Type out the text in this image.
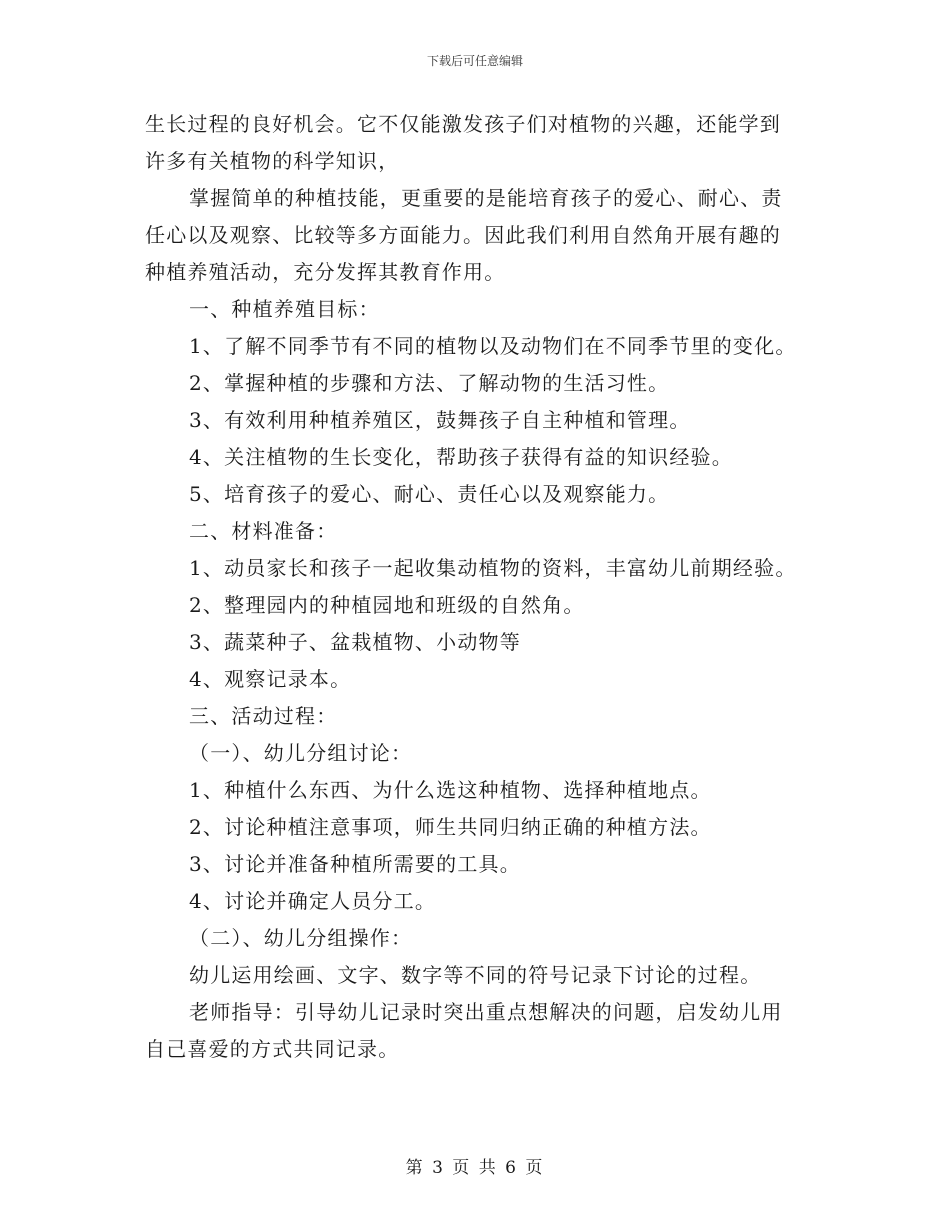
下载后可任意编辑
生长过程的良好机会。它不仅能激发孩子们对植物的兴趣，还能学到
许多有关植物的科学知识，
掌握简单的种植技能，更重要的是能培育孩子的爱心、耐心、责
任心以及观察、比较等多方面能力。因此我们利用自然角开展有趣的
种植养殖活动，充分发挥其教育作用。
一、种植养殖目标：
1、了解不同季节有不同的植物以及动物们在不同季节里的变化。
2、掌握种植的步骤和方法、了解动物的生活习性。
3、有效利用种植养殖区，鼓舞孩子自主种植和管理。
4、关注植物的生长变化，帮助孩子获得有益的知识经验。
5、培育孩子的爱心、耐心、责任心以及观察能力。
二、材料准备：
1、动员家长和孩子一起收集动植物的资料，丰富幼儿前期经验。
2、整理园内的种植园地和班级的自然角。
3、蔬菜种子、盆栽植物、小动物等
4、观察记录本。
三、活动过程：
（一）、幼儿分组讨论：
1、种植什么东西、为什么选这种植物、选择种植地点。
2、讨论种植注意事项，师生共同归纳正确的种植方法。
3、讨论并准备种植所需要的工具。
4、讨论并确定人员分工。
（二）、幼儿分组操作：
幼儿运用绘画、文字、数字等不同的符号记录下讨论的过程。
老师指导：引导幼儿记录时突出重点想解决的问题，启发幼儿用
自己喜爱的方式共同记录。
第 3 页 共 6 页
